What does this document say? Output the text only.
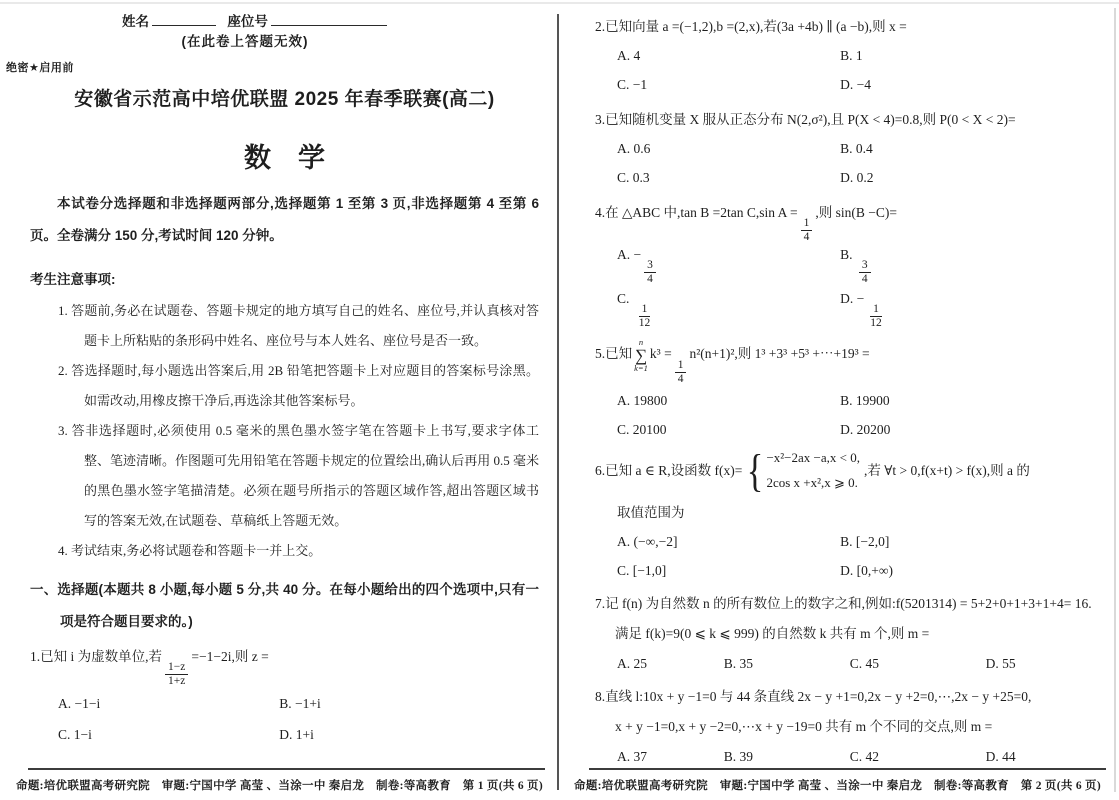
姓名	座位号
(在此卷上答题无效)
绝密★启用前
安徽省示范高中培优联盟 2025 年春季联赛(高二)
数　学

本试卷分选择题和非选择题两部分,选择题第 1 至第 3 页,非选择题第 4 至第 6 页。全卷满分 150 分,考试时间 120 分钟。

考生注意事项:
1. 答题前,务必在试题卷、答题卡规定的地方填写自己的姓名、座位号,并认真核对答题卡上所粘贴的条形码中姓名、座位号与本人姓名、座位号是否一致。
2. 答选择题时,每小题选出答案后,用 2B 铅笔把答题卡上对应题目的答案标号涂黑。如需改动,用橡皮擦干净后,再选涂其他答案标号。
3. 答非选择题时,必须使用 0.5 毫米的黑色墨水签字笔在答题卡上书写,要求字体工整、笔迹清晰。作图题可先用铅笔在答题卡规定的位置绘出,确认后再用 0.5 毫米的黑色墨水签字笔描清楚。必须在题号所指示的答题区域作答,超出答题区域书写的答案无效,在试题卷、草稿纸上答题无效。
4. 考试结束,务必将试题卷和答题卡一并上交。
一、选择题(本题共 8 小题,每小题 5 分,共 40 分。在每小题给出的四个选项中,只有一项是符合题目要求的。)
1.已知 i 为虚数单位,若
$\frac{1-z}{1+z}$
=−1−2i,则 z =
A. −1−i	B. −1+i
C. 1−i	D. 1+i
命题:培优联盟高考研究院　审题:宁国中学 高莹 、当涂一中 秦启龙　制卷:等高教育　第 1 页(共 6 页)
2.已知向量 a =(−1,2),b =(2,x),若(3a +4b) ∥ (a −b),则 x =
A. 4	B. 1
C. −1	D. −4
3.已知随机变量 X 服从正态分布 N(2,σ²),且 P(X < 4)=0.8,则 P(0 < X < 2)=
A. 0.6	B. 0.4
C. 0.3	D. 0.2
4.在 △ABC 中,tan B =2tan C,sin A =
$\frac{1}{4}$
,则 sin(B −C)=
A. −
$\frac{3}{4}$
B.
$\frac{3}{4}$
C.
$\frac{1}{12}$
D. −
$\frac{1}{12}$
5.已知
n
∑
k=1
k³ =
$\frac{1}{4}$
n²(n+1)²,则 1³ +3³ +5³ +⋯+19³ =
A. 19800	B. 19900
C. 20100	D. 20200
6.已知 a ∈ R,设函数 f(x)= { −x²−2ax −a,x < 0,
2cos x +x²,x ⩾ 0.
,若 ∀t > 0,f(x+t) > f(x),则 a 的
取值范围为
A. (−∞,−2]	B. [−2,0]
C. [−1,0]	D. [0,+∞)
7.记 f(n) 为自然数 n 的所有数位上的数字之和,例如:f(5201314) = 5+2+0+1+3+1+4= 16.
满足 f(k)=9(0 ⩽ k ⩽ 999) 的自然数 k 共有 m 个,则 m =
A. 25	B. 35	C. 45	D. 55
8.直线 l:10x + y −1=0 与 44 条直线 2x − y +1=0,2x − y +2=0,⋯,2x − y +25=0,
x + y −1=0,x + y −2=0,⋯x + y −19=0 共有 m 个不同的交点,则 m =
A. 37	B. 39	C. 42	D. 44
命题:培优联盟高考研究院　审题:宁国中学 高莹 、当涂一中 秦启龙　制卷:等高教育　第 2 页(共 6 页)
